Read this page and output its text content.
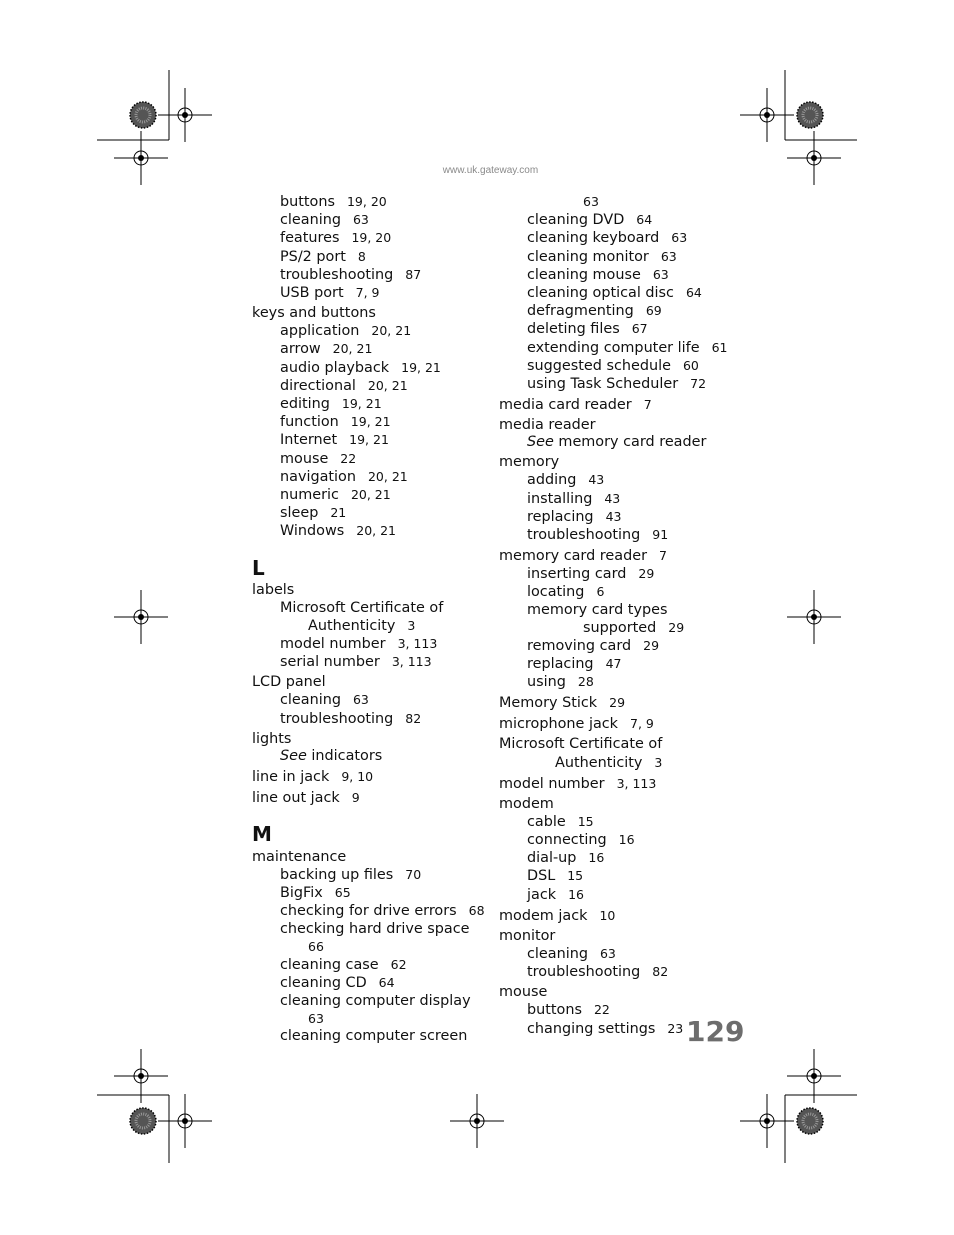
www.uk.gateway.com
buttons 19, 20
cleaning 63
features 19, 20
PS/2 port 8
troubleshooting 87
USB port 7, 9
keys and buttons
application 20, 21
arrow 20, 21
audio playback 19, 21
directional 20, 21
editing 19, 21
function 19, 21
Internet 19, 21
mouse 22
navigation 20, 21
numeric 20, 21
sleep 21
Windows 20, 21
L
labels
Microsoft Certificate of
Authenticity 3
model number 3, 113
serial number 3, 113
LCD panel
cleaning 63
troubleshooting 82
lights
See indicators
line in jack 9, 10
line out jack 9
M
maintenance
backing up files 70
BigFix 65
checking for drive errors 68
checking hard drive space
66
cleaning case 62
cleaning CD 64
cleaning computer display
63
cleaning computer screen
63
cleaning DVD 64
cleaning keyboard 63
cleaning monitor 63
cleaning mouse 63
cleaning optical disc 64
defragmenting 69
deleting files 67
extending computer life 61
suggested schedule 60
using Task Scheduler 72
media card reader 7
media reader
See memory card reader
memory
adding 43
installing 43
replacing 43
troubleshooting 91
memory card reader 7
inserting card 29
locating 6
memory card types
supported 29
removing card 29
replacing 47
using 28
Memory Stick 29
microphone jack 7, 9
Microsoft Certificate of
Authenticity 3
model number 3, 113
modem
cable 15
connecting 16
dial-up 16
DSL 15
jack 16
modem jack 10
monitor
cleaning 63
troubleshooting 82
mouse
buttons 22
changing settings 23 129
